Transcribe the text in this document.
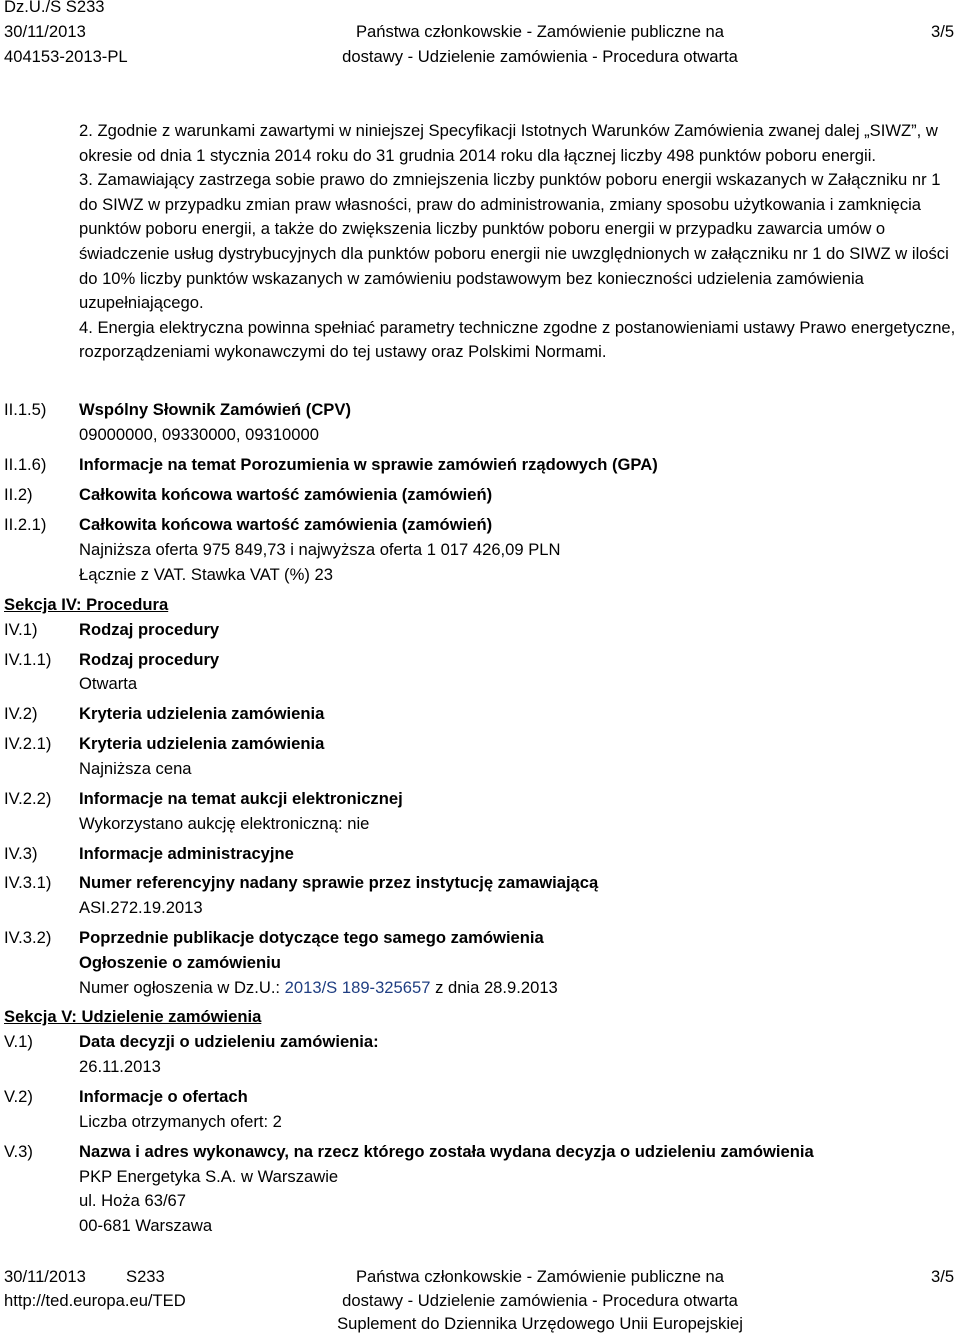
Dz.U./S S233
30/11/2013
404153-2013-PL
Państwa członkowskie - Zamówienie publiczne na
dostawy - Udzielenie zamówienia - Procedura otwarta
3/5

2. Zgodnie z warunkami zawartymi w niniejszej Specyfikacji Istotnych Warunków Zamówienia zwanej dalej „SIWZ”, w okresie od dnia 1 stycznia 2014 roku do 31 grudnia 2014 roku dla łącznej liczby 498 punktów poboru energii.

3. Zamawiający zastrzega sobie prawo do zmniejszenia liczby punktów poboru energii wskazanych w Załączniku nr 1 do SIWZ w przypadku zmian praw własności, praw do administrowania, zmiany sposobu użytkowania i zamknięcia punktów poboru energii, a także do zwiększenia liczby punktów poboru energii w przypadku zawarcia umów o świadczenie usług dystrybucyjnych dla punktów poboru energii nie uwzględnionych w załączniku nr 1 do SIWZ w ilości do 10% liczby punktów wskazanych w zamówieniu podstawowym bez konieczności udzielenia zamówienia uzupełniającego.

4. Energia elektryczna powinna spełniać parametry techniczne zgodne z postanowieniami ustawy Prawo energetyczne, rozporządzeniami wykonawczymi do tej ustawy oraz Polskimi Normami.

II.1.5) Wspólny Słownik Zamówień (CPV)
09000000, 09330000, 09310000
II.1.6) Informacje na temat Porozumienia w sprawie zamówień rządowych (GPA)
II.2)	Całkowita końcowa wartość zamówienia (zamówień)
II.2.1) Całkowita końcowa wartość zamówienia (zamówień)
Najniższa oferta 975 849,73 i najwyższa oferta 1 017 426,09 PLN
Łącznie z VAT. Stawka VAT (%) 23
Sekcja IV: Procedura
IV.1) Rodzaj procedury
IV.1.1) Rodzaj procedury
Otwarta
IV.2) Kryteria udzielenia zamówienia
IV.2.1) Kryteria udzielenia zamówienia
Najniższa cena
IV.2.2) Informacje na temat aukcji elektronicznej
Wykorzystano aukcję elektroniczną: nie
IV.3) Informacje administracyjne
IV.3.1) Numer referencyjny nadany sprawie przez instytucję zamawiającą
ASI.272.19.2013
IV.3.2) Poprzednie publikacje dotyczące tego samego zamówienia
Ogłoszenie o zamówieniu
Numer ogłoszenia w Dz.U.: 2013/S 189-325657 z dnia 28.9.2013
Sekcja V: Udzielenie zamówienia
V.1)	Data decyzji o udzieleniu zamówienia:
26.11.2013
V.2)	Informacje o ofertach
Liczba otrzymanych ofert: 2
V.3)	Nazwa i adres wykonawcy, na rzecz którego została wydana decyzja o udzieleniu zamówienia
PKP Energetyka S.A. w Warszawie
ul. Hoża 63/67
00-681 Warszawa
30/11/2013 S233
http://ted.europa.eu/TED
Państwa członkowskie - Zamówienie publiczne na
dostawy - Udzielenie zamówienia - Procedura otwarta
Suplement do Dziennika Urzędowego Unii Europejskiej
3/5
